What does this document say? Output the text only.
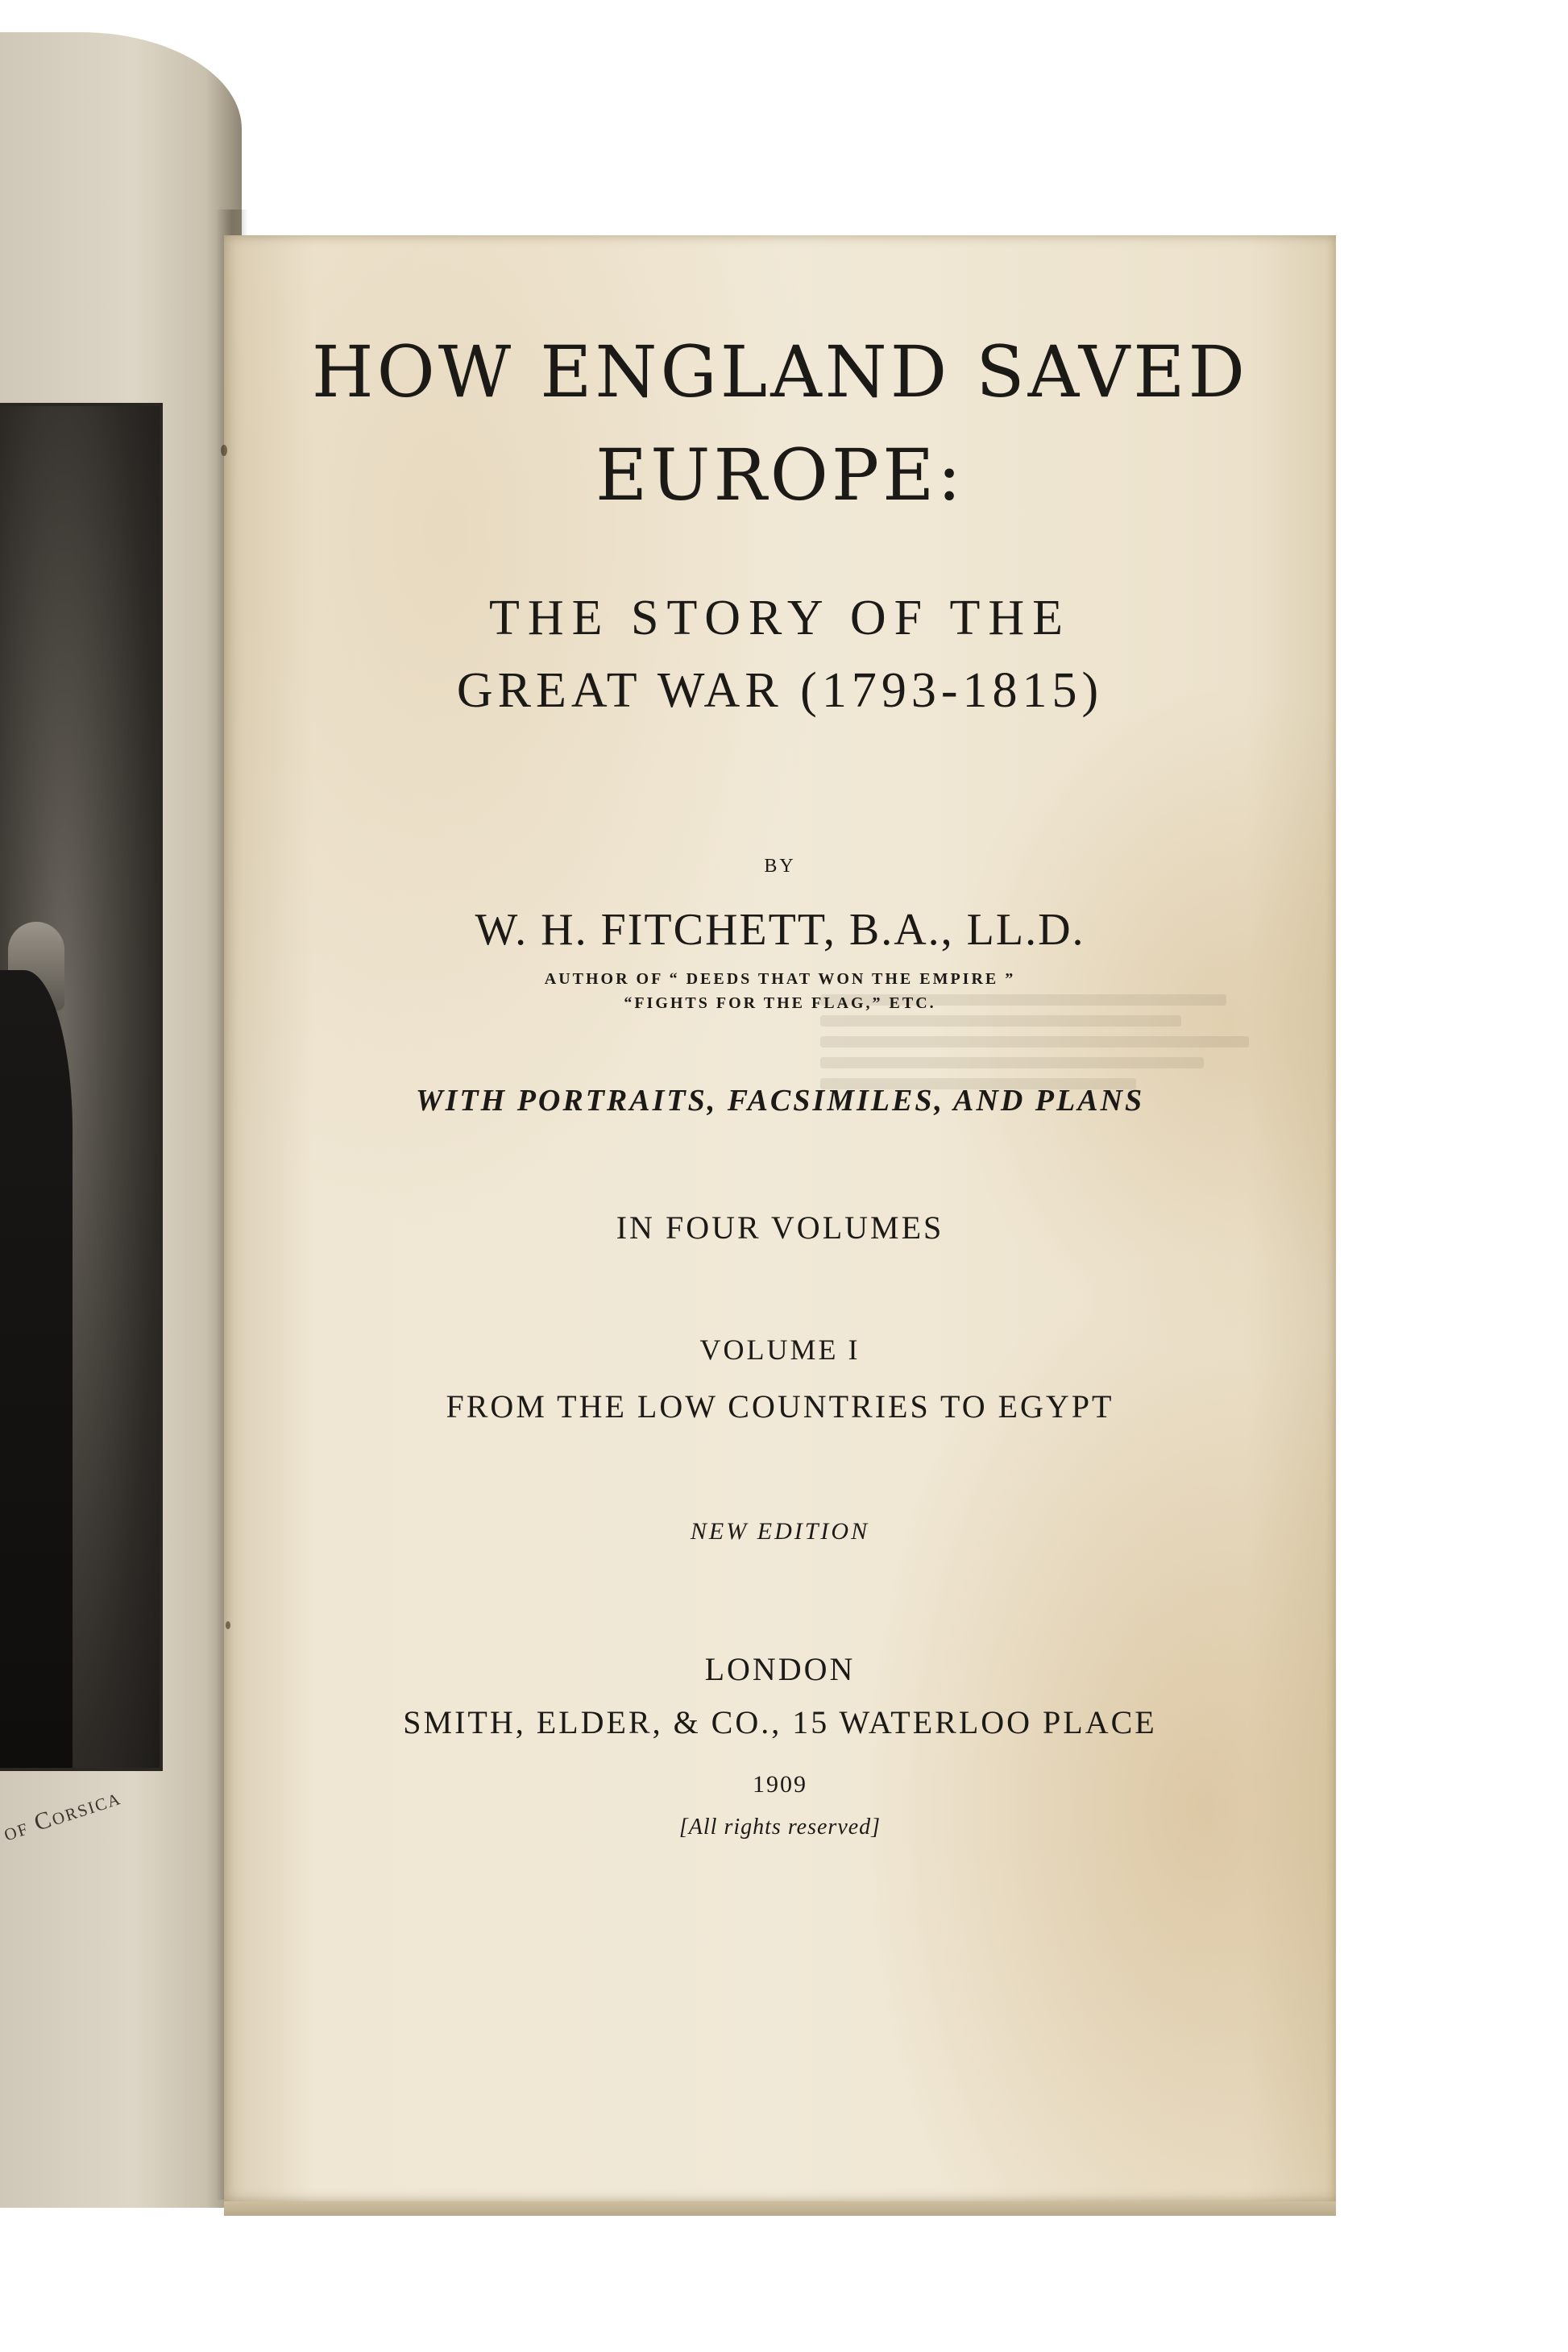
of Corsica
HOW ENGLAND SAVED
EUROPE:
THE STORY OF THE
GREAT WAR (1793-1815)
BY
W. H. FITCHETT, B.A., LL.D.
AUTHOR OF “ DEEDS THAT WON THE EMPIRE ”
“FIGHTS FOR THE FLAG,” ETC.
WITH PORTRAITS, FACSIMILES, AND PLANS
IN FOUR VOLUMES
VOLUME I
FROM THE LOW COUNTRIES TO EGYPT
NEW EDITION
LONDON
SMITH, ELDER, & CO., 15 WATERLOO PLACE
1909
[All rights reserved]
